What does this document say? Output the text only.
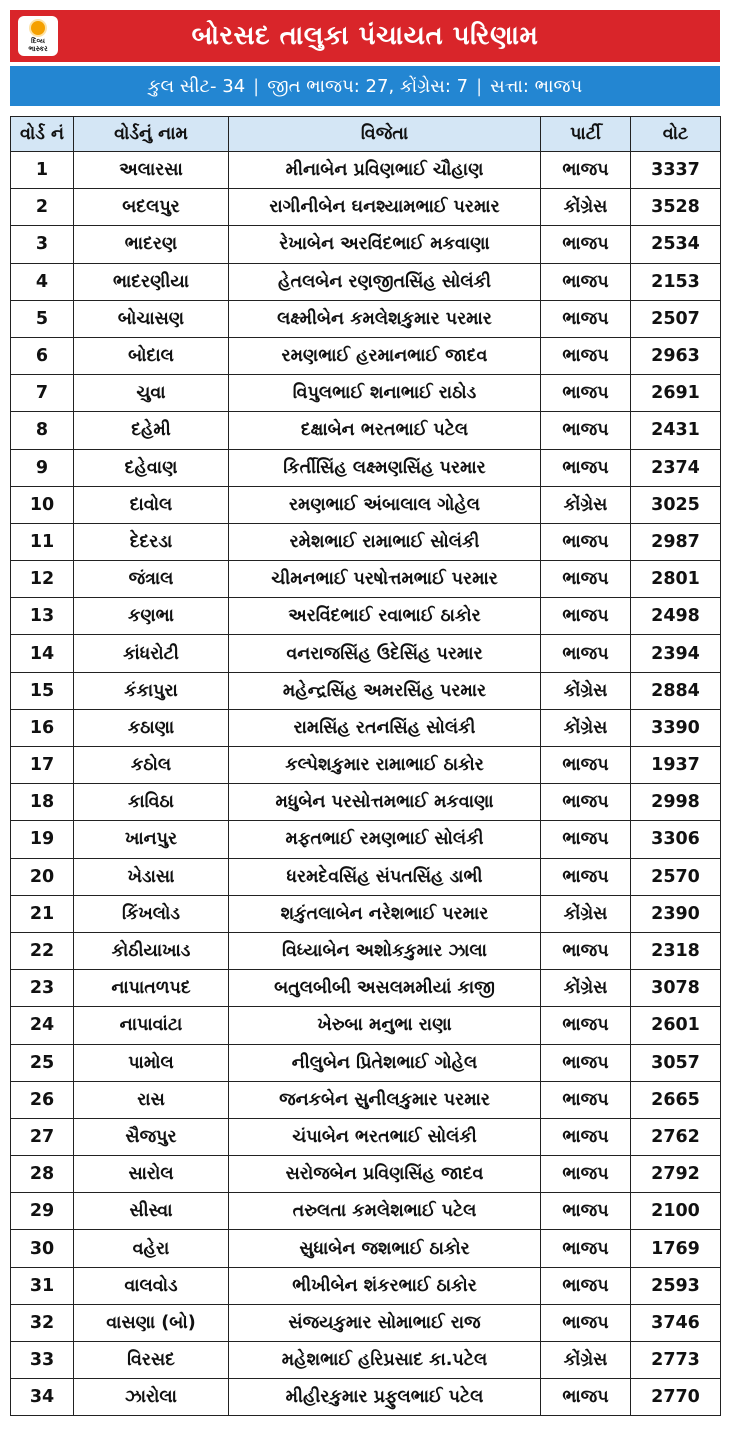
દિવ્ય
ભાસ્કર	બોરસદ તાલુકા પંચાયત પરિણામ
કુલ સીટ- 34 | જીત ભાજપ: 27, કોંગ્રેસ: 7 | સત્તા: ભાજપ
વોર્ડ નં	વોર્ડનું નામ	વિજેતા	પાર્ટી	વોટ
1	અલારસા	મીનાબેન પ્રવિણભાઈ ચૌહાણ	ભાજપ	3337
2	બદલપુર	રાગીનીબેન ઘનશ્યામભાઈ પરમાર	કોંગ્રેસ	3528
3	ભાદરણ	રેખાબેન અરવિંદભાઈ મકવાણા	ભાજપ	2534
4	ભાદરણીયા	હેતલબેન રણજીતસિંહ સોલંકી	ભાજપ	2153
5	બોચાસણ	લક્ષ્મીબેન કમલેશકુમાર પરમાર	ભાજપ	2507
6	બોદાલ	રમણભાઈ હરમાનભાઈ જાદવ	ભાજપ	2963
7	ચુવા	વિપુલભાઈ શનાભાઈ રાઠોડ	ભાજપ	2691
8	દહેમી	દક્ષાબેન ભરતભાઈ પટેલ	ભાજપ	2431
9	દહેવાણ	કિર્તીસિંહ લક્ષ્મણસિંહ પરમાર	ભાજપ	2374
10	દાવોલ	રમણભાઈ અંબાલાલ ગોહેલ	કોંગ્રેસ	3025
11	દેદરડા	રમેશભાઈ રામાભાઈ સોલંકી	ભાજપ	2987
12	જંત્રાલ	ચીમનભાઈ પરષોત્તમભાઈ પરમાર	ભાજપ	2801
13	કણભા	અરવિંદભાઈ રવાભાઈ ઠાકોર	ભાજપ	2498
14	કાંધરોટી	વનરાજસિંહ ઉદેસિંહ પરમાર	ભાજપ	2394
15	કંકાપુરા	મહેન્દ્રસિંહ અમરસિંહ પરમાર	કોંગ્રેસ	2884
16	કઠાણા	રામસિંહ રતનસિંહ સોલંકી	કોંગ્રેસ	3390
17	કઠોલ	કલ્પેશકુમાર રામાભાઈ ઠાકોર	ભાજપ	1937
18	કાવિઠા	મધુબેન પરસોત્તમભાઈ મકવાણા	ભાજપ	2998
19	ખાનપુર	મફતભાઈ રમણભાઈ સોલંકી	ભાજપ	3306
20	ખેડાસા	ધરમદેવસિંહ સંપતસિંહ ડાભી	ભાજપ	2570
21	કિંખલોડ	શકુંતલાબેન નરેશભાઈ પરમાર	કોંગ્રેસ	2390
22	કોઠીયાખાડ	વિધ્યાબેન અશોકકુમાર ઝાલા	ભાજપ	2318
23	નાપાતળપદ	બતુલબીબી અસલમમીયાં કાજી	કોંગ્રેસ	3078
24	નાપાવાંટા	ખેરુબા મનુભા રાણા	ભાજપ	2601
25	પામોલ	નીલુબેન પ્રિતેશભાઈ ગોહેલ	ભાજપ	3057
26	રાસ	જનકબેન સુનીલકુમાર પરમાર	ભાજપ	2665
27	સૈજપુર	ચંપાબેન ભરતભાઈ સોલંકી	ભાજપ	2762
28	સારોલ	સરોજબેન પ્રવિણસિંહ જાદવ	ભાજપ	2792
29	સીસ્વા	તરુલતા કમલેશભાઈ પટેલ	ભાજપ	2100
30	વહેરા	સુધાબેન જશભાઈ ઠાકોર	ભાજપ	1769
31	વાલવોડ	ભીખીબેન શંકરભાઈ ઠાકોર	ભાજપ	2593
32	વાસણા (બો)	સંજયકુમાર સોમાભાઈ રાજ	ભાજપ	3746
33	વિરસદ	મહેશભાઈ હરિપ્રસાદ કા.પટેલ	કોંગ્રેસ	2773
34	ઝારોલા	મીહીરકુમાર પ્રફુલભાઈ પટેલ	ભાજપ	2770
